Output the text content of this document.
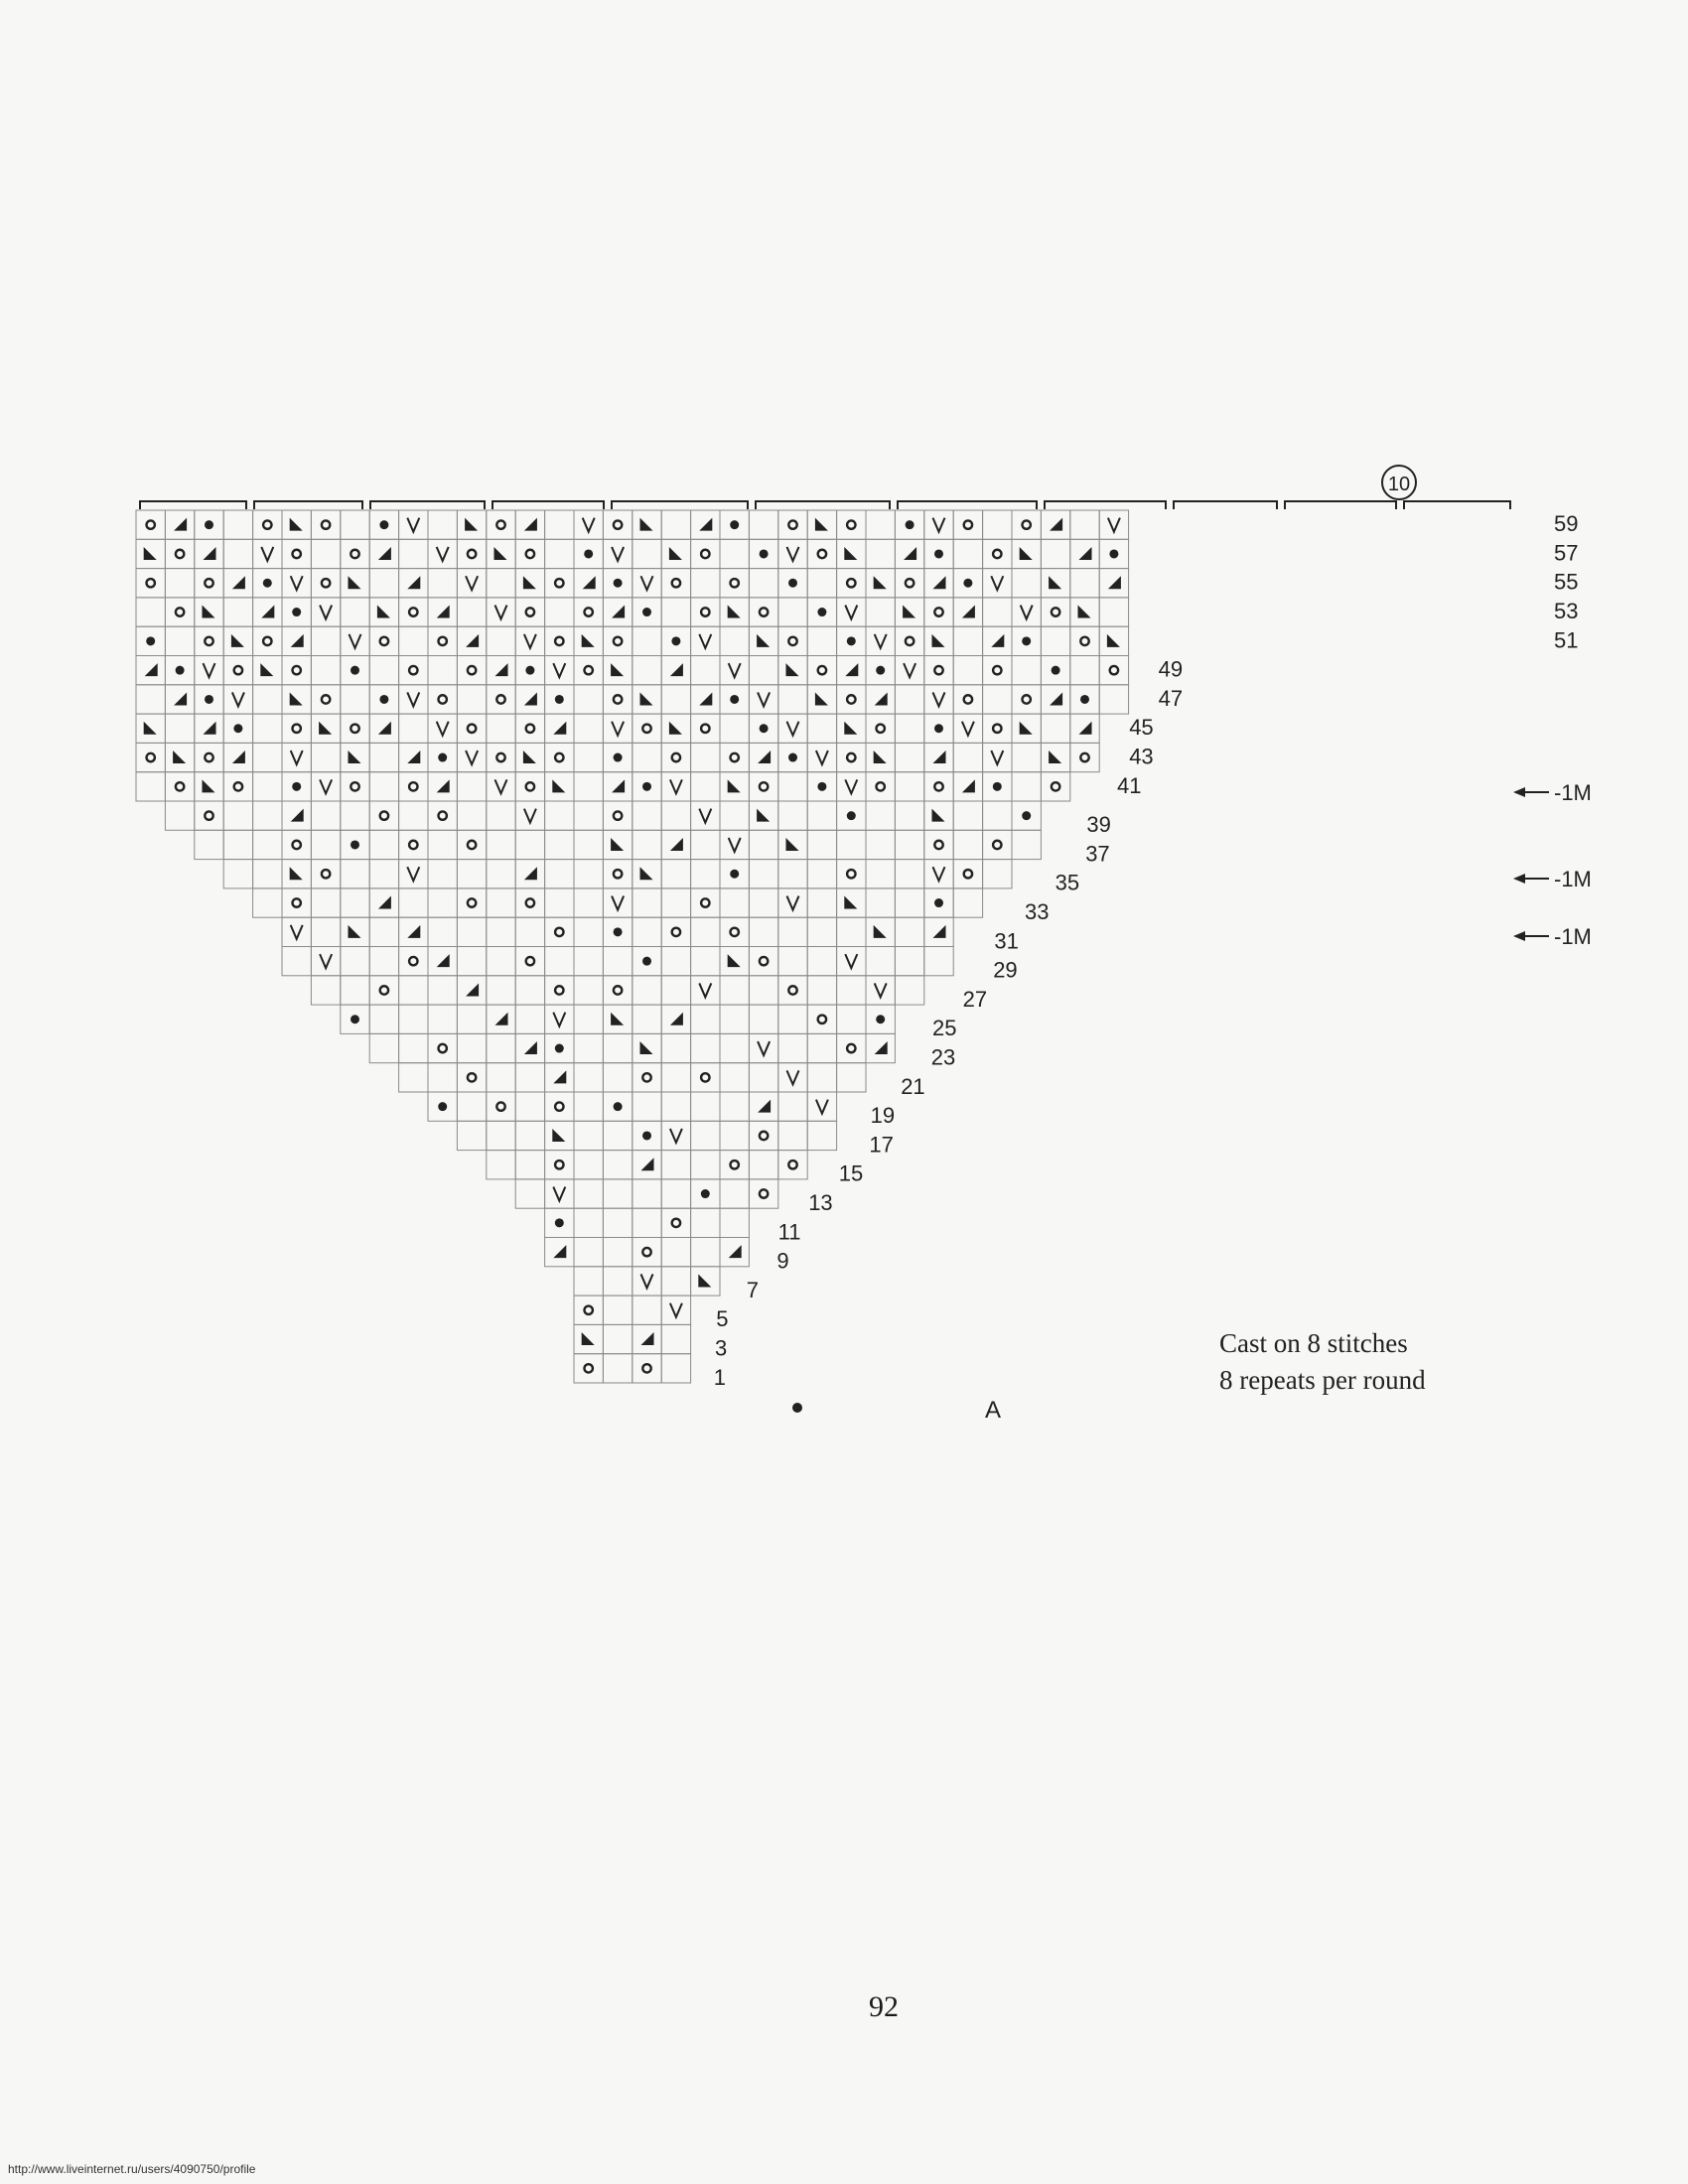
10
1
3
5
7
9
11
13
15
17
19
21
23
25
27
29
31
33
35
37
39
41
43
45
47
49
51
53
55
57
59
A
-1M
-1M
-1M
Cast on 8 stitches
8 repeats per round
92
http://www.liveinternet.ru/users/4090750/profile
